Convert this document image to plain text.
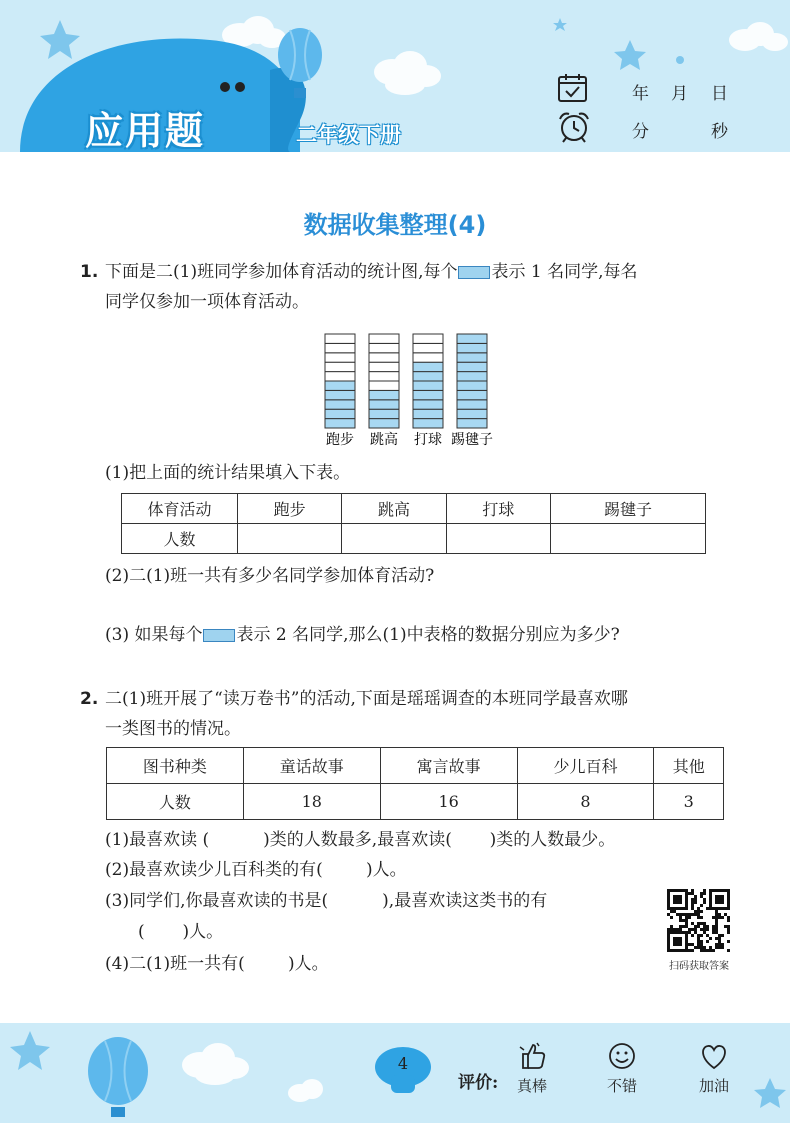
应用题	二年级下册
年 月 日
分	秒
数据收集整理(4)
1. 下面是二(1)班同学参加体育活动的统计图,每个 表示 1 名同学,每名
同学仅参加一项体育活动。
跑步 跳高 打球 踢毽子
(1)把上面的统计结果填入下表。
体育活动	跑步	跳高	打球	踢毽子
人数				
(2)二(1)班一共有多少名同学参加体育活动?
(3) 如果每个 表示 2 名同学,那么(1)中表格的数据分别应为多少?
2. 二(1)班开展了“读万卷书”的活动,下面是瑶瑶调查的本班同学最喜欢哪
一类图书的情况。
图书种类	童话故事	寓言故事	少儿百科	其他
人数	18	16	8	3
(1)最喜欢读 (          )类的人数最多,最喜欢读(       )类的人数最少。
(2)最喜欢读少儿百科类的有(        )人。
(3)同学们,你最喜欢读的书是(          ),最喜欢读这类书的有
(       )人。
(4)二(1)班一共有(        )人。	扫码获取答案
4
评价:	真棒	不错	加油
